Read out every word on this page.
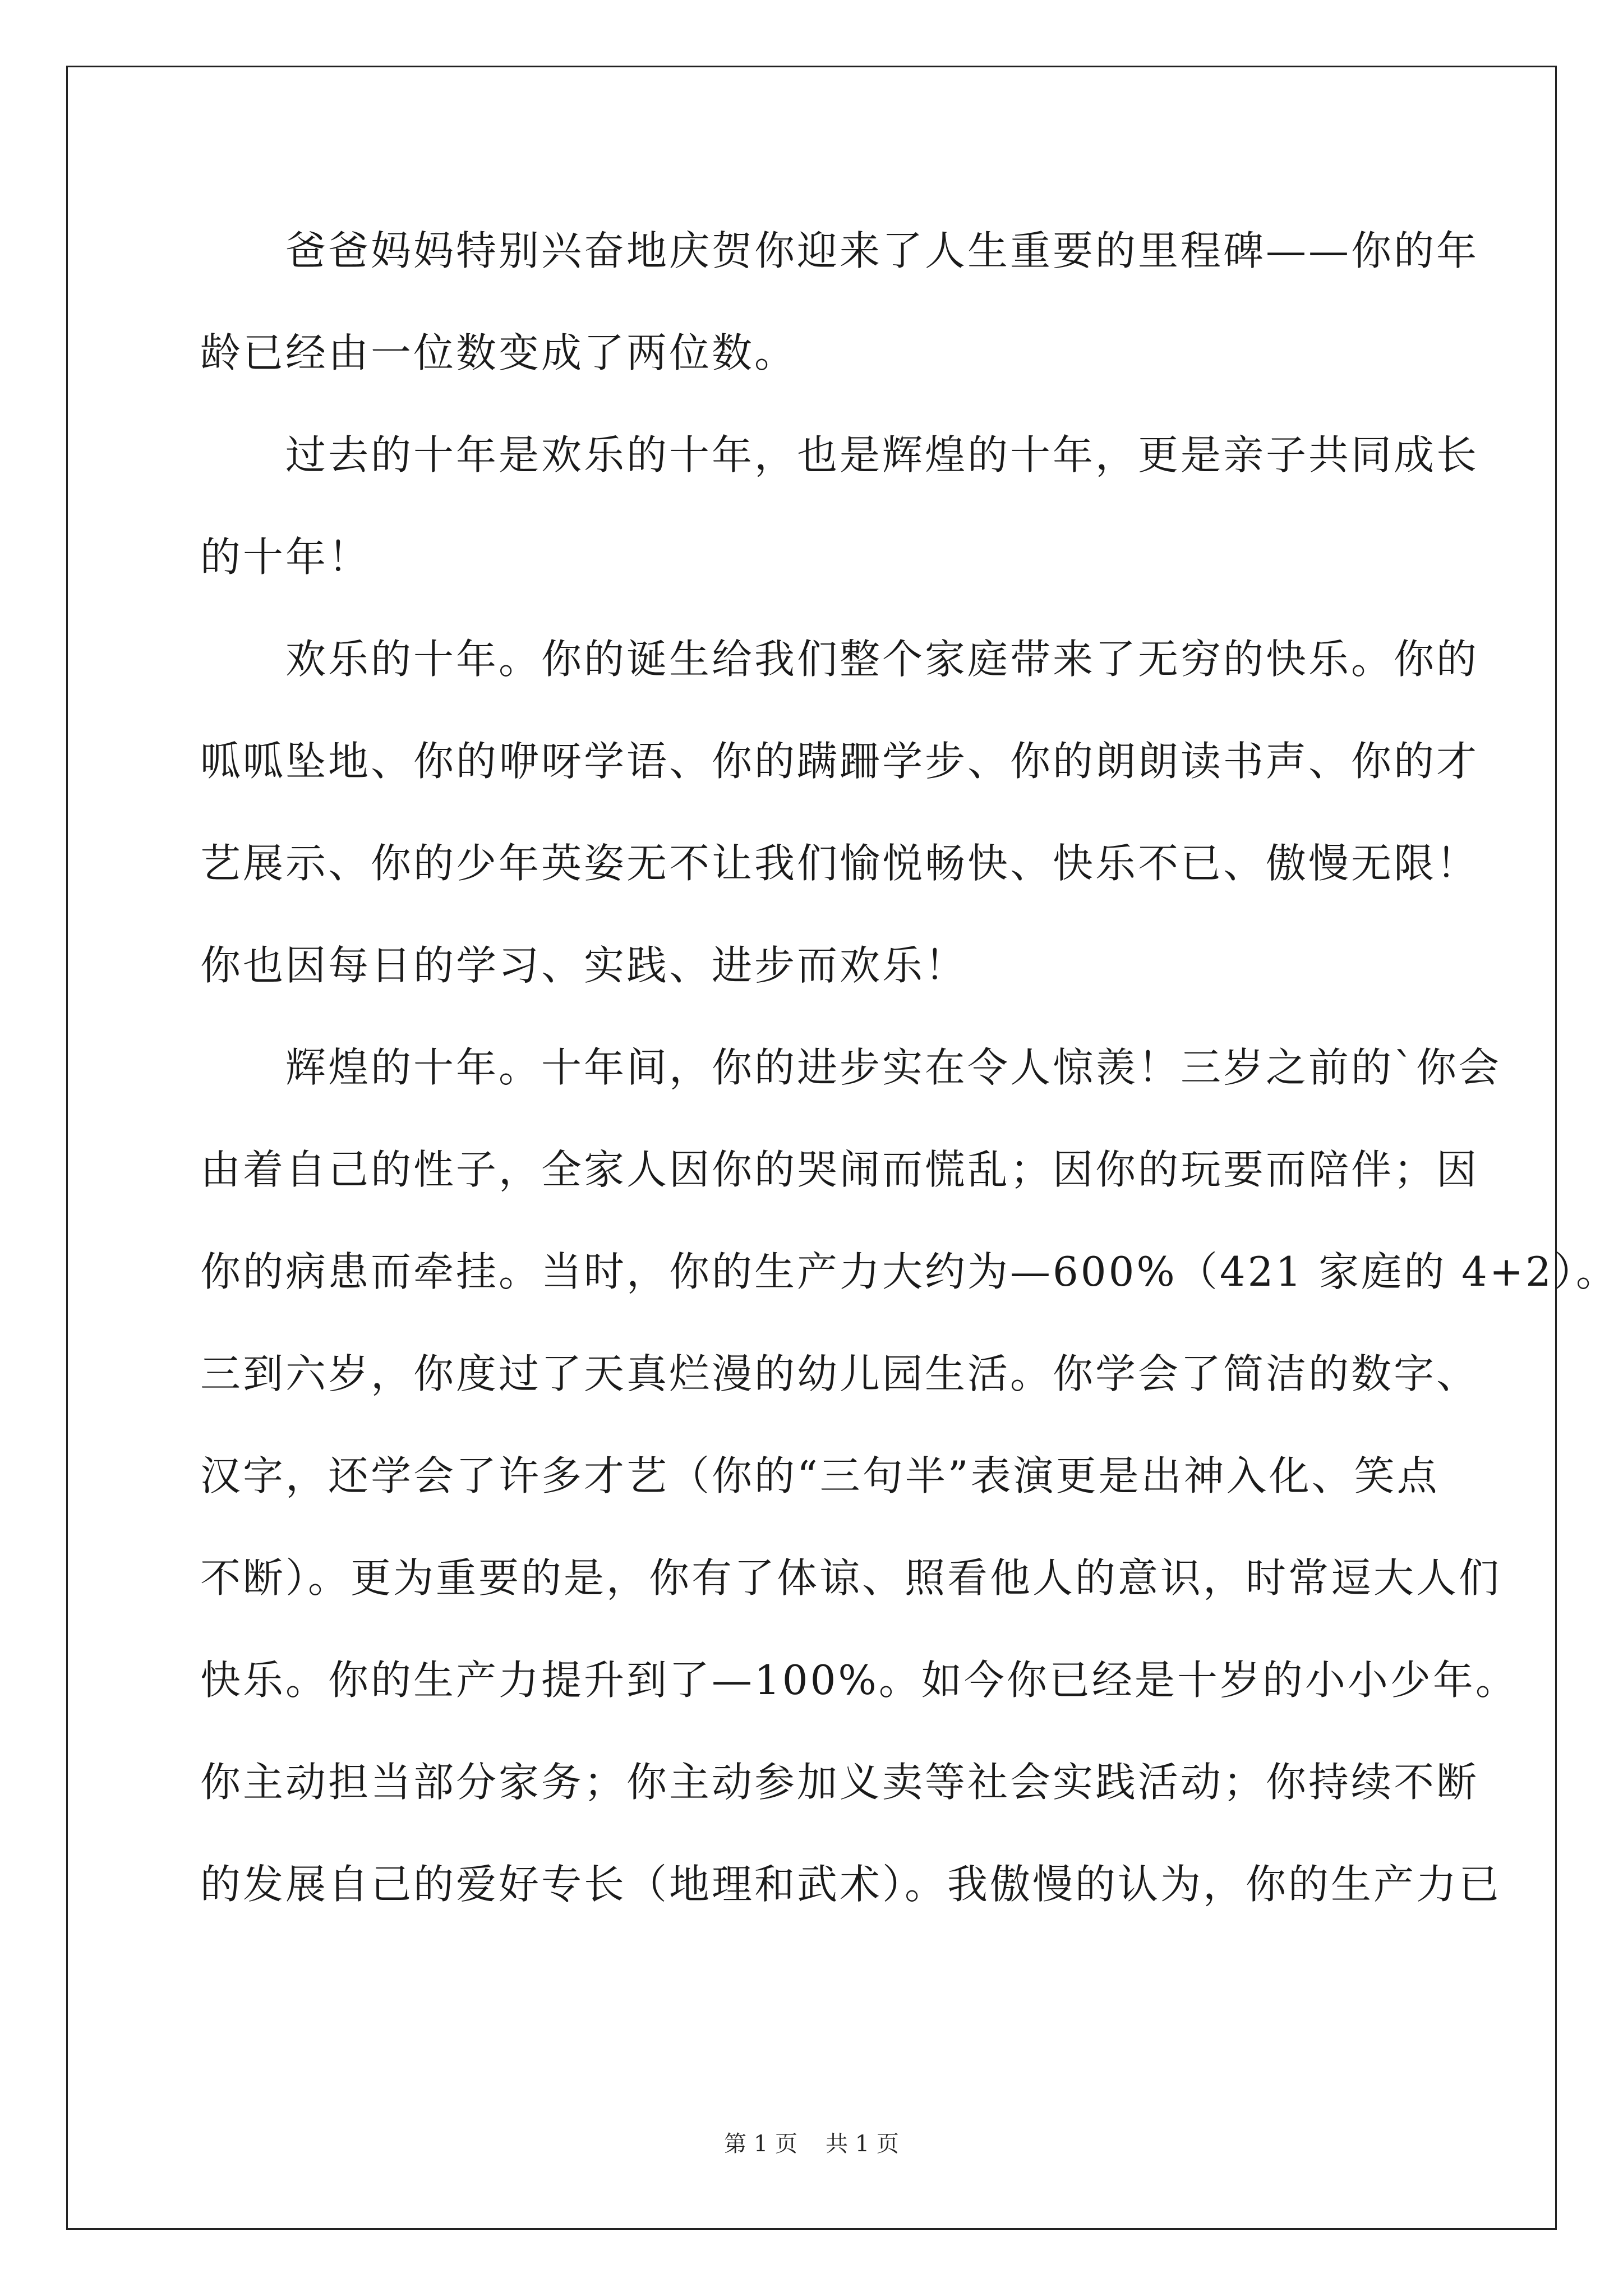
爸爸妈妈特别兴奋地庆贺你迎来了人生重要的里程碑——你的年
龄已经由一位数变成了两位数。
过去的十年是欢乐的十年，也是辉煌的十年，更是亲子共同成长
的十年！
欢乐的十年。你的诞生给我们整个家庭带来了无穷的快乐。你的
呱呱坠地、你的咿呀学语、你的蹒跚学步、你的朗朗读书声、你的才
艺展示、你的少年英姿无不让我们愉悦畅快、快乐不已、傲慢无限！
你也因每日的学习、实践、进步而欢乐！
辉煌的十年。十年间，你的进步实在令人惊羡！三岁之前的`你会
由着自己的性子，全家人因你的哭闹而慌乱；因你的玩要而陪伴；因
你的病患而牵挂。当时，你的生产力大约为—600%（421 家庭的 4+2）。
三到六岁，你度过了天真烂漫的幼儿园生活。你学会了简洁的数字、
汉字，还学会了许多才艺（你的“三句半”表演更是出神入化、笑点
不断）。更为重要的是，你有了体谅、照看他人的意识，时常逗大人们
快乐。你的生产力提升到了—100%。如今你已经是十岁的小小少年。
你主动担当部分家务；你主动参加义卖等社会实践活动；你持续不断
的发展自己的爱好专长（地理和武术）。我傲慢的认为，你的生产力已
第 1 页 共 1 页
